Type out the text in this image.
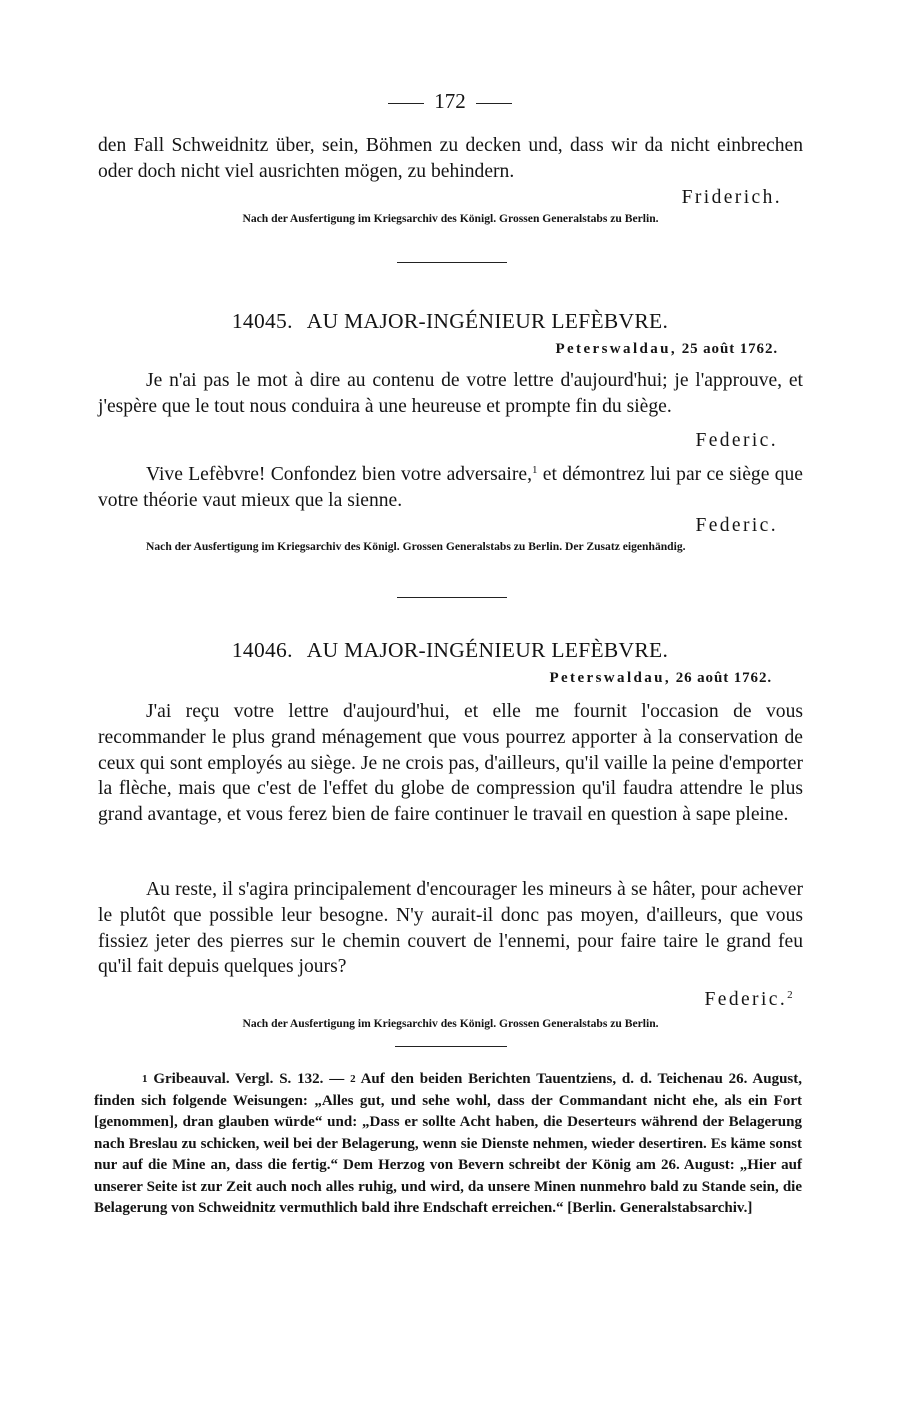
172
den Fall Schweidnitz über, sein, Böhmen zu decken und, dass wir da nicht einbrechen oder doch nicht viel ausrichten mögen, zu behindern.
Friderich.
Nach der Ausfertigung im Kriegsarchiv des Königl. Grossen Generalstabs zu Berlin.
14045. AU MAJOR-INGÉNIEUR LEFÈBVRE.
Peterswaldau, 25 août 1762.
Je n'ai pas le mot à dire au contenu de votre lettre d'aujourd'hui; je l'approuve, et j'espère que le tout nous conduira à une heureuse et prompte fin du siège.
Federic.
Vive Lefèbvre! Confondez bien votre adversaire,$^1$ et démontrez lui par ce siège que votre théorie vaut mieux que la sienne.
Federic.
Nach der Ausfertigung im Kriegsarchiv des Königl. Grossen Generalstabs zu Berlin. Der Zusatz eigenhändig.
14046. AU MAJOR-INGÉNIEUR LEFÈBVRE.
Peterswaldau, 26 août 1762.
J'ai reçu votre lettre d'aujourd'hui, et elle me fournit l'occasion de vous recommander le plus grand ménagement que vous pourrez apporter à la conservation de ceux qui sont employés au siège. Je ne crois pas, d'ailleurs, qu'il vaille la peine d'emporter la flèche, mais que c'est de l'effet du globe de compression qu'il faudra attendre le plus grand avantage, et vous ferez bien de faire continuer le travail en question à sape pleine.
Au reste, il s'agira principalement d'encourager les mineurs à se hâter, pour achever le plutôt que possible leur besogne. N'y aurait-il donc pas moyen, d'ailleurs, que vous fissiez jeter des pierres sur le chemin couvert de l'ennemi, pour faire taire le grand feu qu'il fait depuis quelques jours?
Federic.$^2$
Nach der Ausfertigung im Kriegsarchiv des Königl. Grossen Generalstabs zu Berlin.
1 Gribeauval. Vergl. S. 132. — 2 Auf den beiden Berichten Tauentziens, d. d. Teichenau 26. August, finden sich folgende Weisungen: „Alles gut, und sehe wohl, dass der Commandant nicht ehe, als ein Fort [genommen], dran glauben würde“ und: „Dass er sollte Acht haben, die Deserteurs während der Belagerung nach Breslau zu schicken, weil bei der Belagerung, wenn sie Dienste nehmen, wieder desertiren. Es käme sonst nur auf die Mine an, dass die fertig.“ Dem Herzog von Bevern schreibt der König am 26. August: „Hier auf unserer Seite ist zur Zeit auch noch alles ruhig, und wird, da unsere Minen nunmehro bald zu Stande sein, die Belagerung von Schweidnitz vermuthlich bald ihre Endschaft erreichen.“ [Berlin. Generalstabsarchiv.]
